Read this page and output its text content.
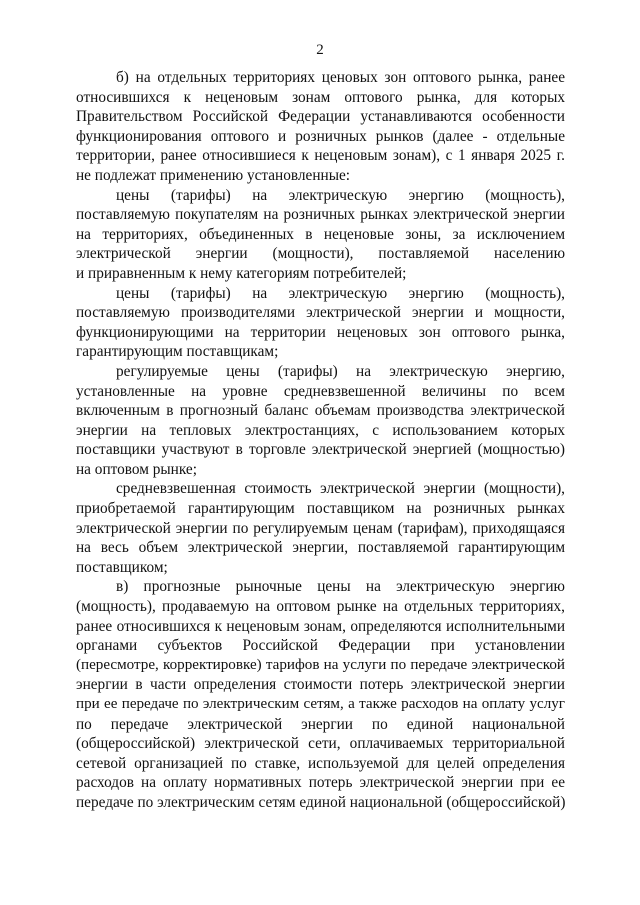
2
б) на отдельных территориях ценовых зон оптового рынка, ранее
относившихся к неценовым зонам оптового рынка, для которых
Правительством Российской Федерации устанавливаются особенности
функционирования оптового и розничных рынков (далее - отдельные
территории, ранее относившиеся к неценовым зонам), с 1 января 2025 г.
не подлежат применению установленные:
цены (тарифы) на электрическую энергию (мощность),
поставляемую покупателям на розничных рынках электрической энергии
на территориях, объединенных в неценовые зоны, за исключением
электрической энергии (мощности), поставляемой населению
и приравненным к нему категориям потребителей;
цены (тарифы) на электрическую энергию (мощность),
поставляемую производителями электрической энергии и мощности,
функционирующими на территории неценовых зон оптового рынка,
гарантирующим поставщикам;
регулируемые цены (тарифы) на электрическую энергию,
установленные на уровне средневзвешенной величины по всем
включенным в прогнозный баланс объемам производства электрической
энергии на тепловых электростанциях, с использованием которых
поставщики участвуют в торговле электрической энергией (мощностью)
на оптовом рынке;
средневзвешенная стоимость электрической энергии (мощности),
приобретаемой гарантирующим поставщиком на розничных рынках
электрической энергии по регулируемым ценам (тарифам), приходящаяся
на весь объем электрической энергии, поставляемой гарантирующим
поставщиком;
в) прогнозные рыночные цены на электрическую энергию
(мощность), продаваемую на оптовом рынке на отдельных территориях,
ранее относившихся к неценовым зонам, определяются исполнительными
органами субъектов Российской Федерации при установлении
(пересмотре, корректировке) тарифов на услуги по передаче электрической
энергии в части определения стоимости потерь электрической энергии
при ее передаче по электрическим сетям, а также расходов на оплату услуг
по передаче электрической энергии по единой национальной
(общероссийской) электрической сети, оплачиваемых территориальной
сетевой организацией по ставке, используемой для целей определения
расходов на оплату нормативных потерь электрической энергии при ее
передаче по электрическим сетям единой национальной (общероссийской)
